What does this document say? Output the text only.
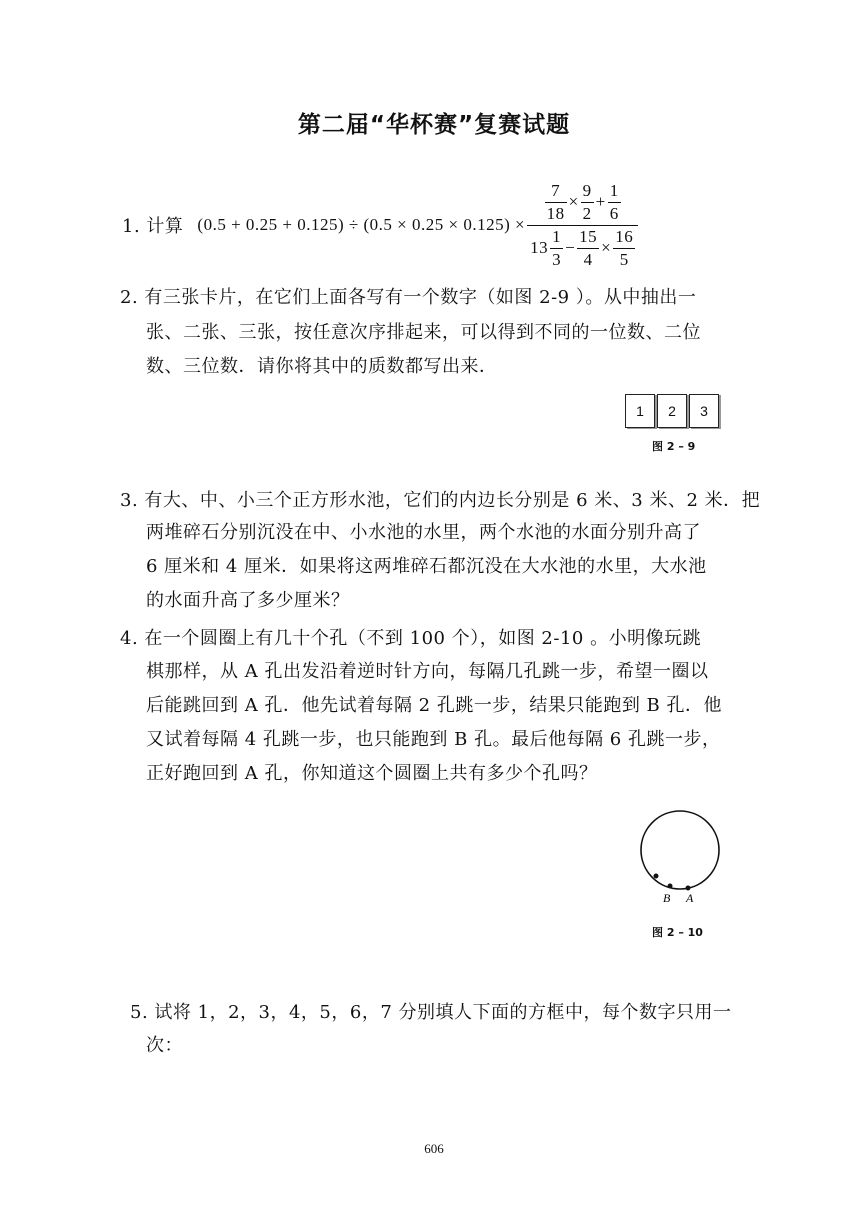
第二届“华杯赛”复赛试题
1. 计算 $(0.5 + 0.25 + 0.125) \div (0.5 \times 0.25 \times 0.125) \times \frac{\frac{7}{18} \times \frac{9}{2} + \frac{1}{6}}{13 \frac{1}{3} - \frac{15}{4} \times \frac{16}{5}}$
2. 有三张卡片，在它们上面各写有一个数字（如图 2-9 ）。从中抽出一
张、二张、三张，按任意次序排起来，可以得到不同的一位数、二位
数、三位数．请你将其中的质数都写出来．
1	2	3
图 2 – 9
3. 有大、中、小三个正方形水池，它们的内边长分别是 6 米、3 米、2 米．把
两堆碎石分别沉没在中、小水池的水里，两个水池的水面分别升高了
6 厘米和 4 厘米．如果将这两堆碎石都沉没在大水池的水里，大水池
的水面升高了多少厘米？
4. 在一个圆圈上有几十个孔（不到 100 个），如图 2-10 。小明像玩跳
棋那样，从 A 孔出发沿着逆时针方向，每隔几孔跳一步，希望一圈以
后能跳回到 A 孔．他先试着每隔 2 孔跳一步，结果只能跑到 B 孔．他
又试着每隔 4 孔跳一步，也只能跑到 B 孔。最后他每隔 6 孔跳一步，
正好跑回到 A 孔，你知道这个圆圈上共有多少个孔吗？
B A
图 2 – 10
5. 试将 1，2，3，4，5，6，7 分别填人下面的方框中，每个数字只用一
次：
606
